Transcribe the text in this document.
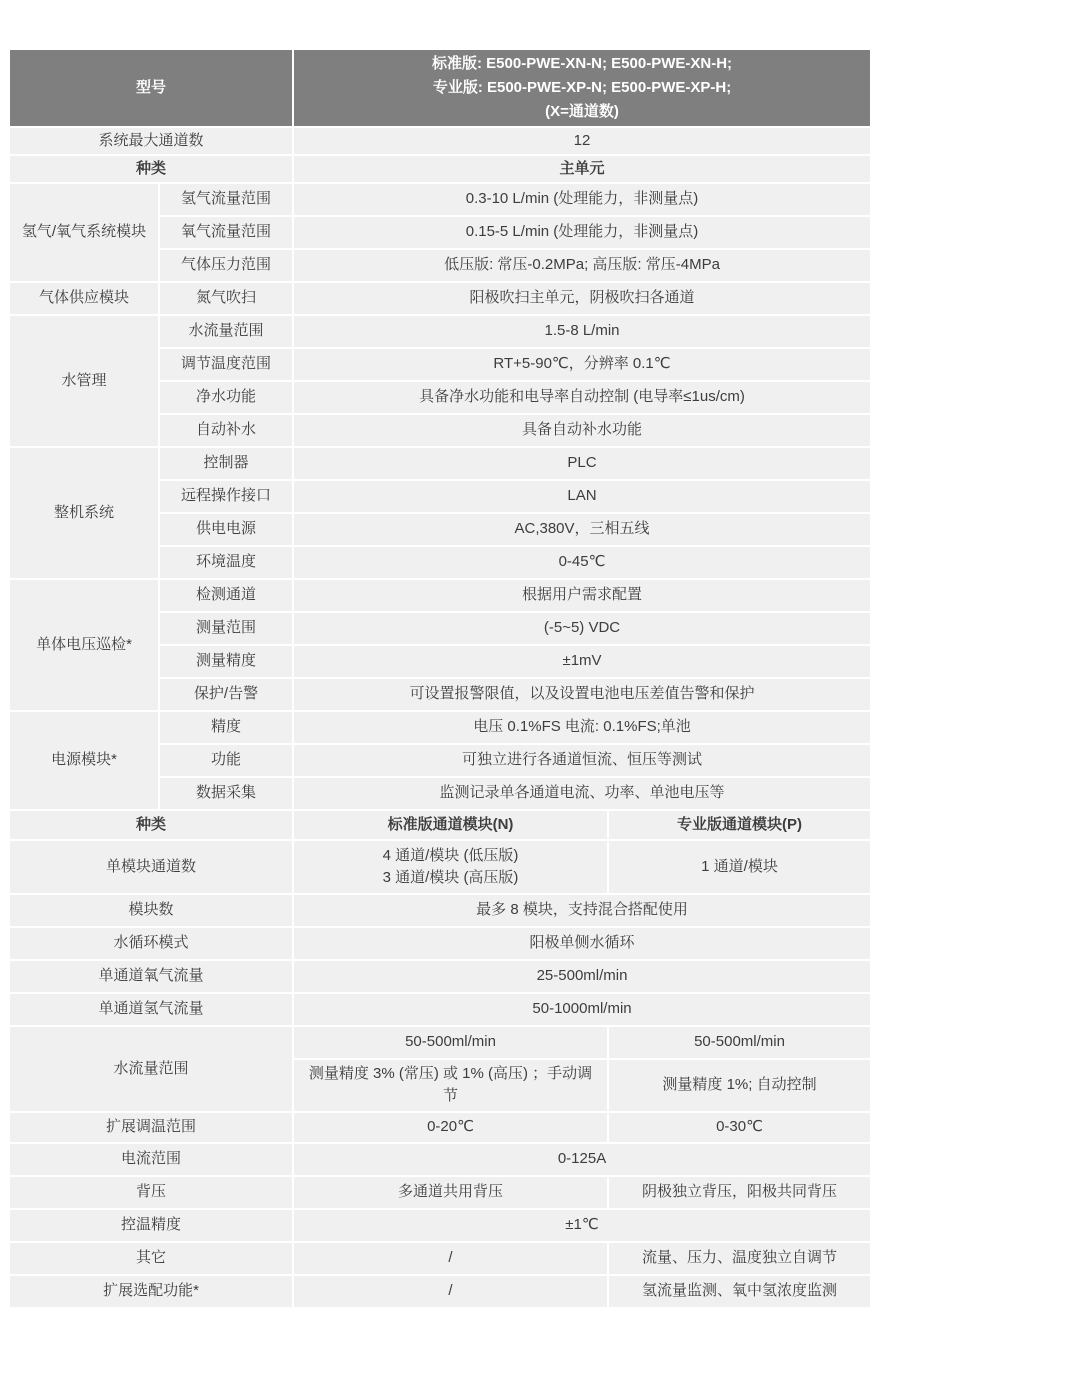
型号		标准版: E500-PWE-XN-N; E500-PWE-XN-H;
专业版: E500-PWE-XP-N; E500-PWE-XP-H;
(X=通道数)	

系统最大通道数		12	
种类		主单元	
氢气/氧气系统模块	氢气流量范围	0.3-10 L/min (处理能力，非测量点)	
	氧气流量范围	0.15-5 L/min (处理能力，非测量点)	
	气体压力范围	低压版: 常压-0.2MPa; 高压版: 常压-4MPa	
气体供应模块	氮气吹扫	阳极吹扫主单元，阴极吹扫各通道	
水管理	水流量范围	1.5-8 L/min	
	调节温度范围	RT+5-90℃，分辨率 0.1℃	
	净水功能	具备净水功能和电导率自动控制 (电导率≤1us/cm)	
	自动补水	具备自动补水功能	
整机系统	控制器	PLC	
	远程操作接口	LAN	
	供电电源	AC,380V，三相五线	
	环境温度	0-45℃	
单体电压巡检*	检测通道	根据用户需求配置	
	测量范围	(-5~5) VDC	
	测量精度	±1mV	
	保护/告警	可设置报警限值，以及设置电池电压差值告警和保护	
电源模块*	精度	电压 0.1%FS 电流: 0.1%FS;单池	
	功能	可独立进行各通道恒流、恒压等测试	
	数据采集	监测记录单各通道电流、功率、单池电压等	
种类		标准版通道模块(N)	专业版通道模块(P)
单模块通道数		4 通道/模块 (低压版)
3 通道/模块 (高压版)	1 通道/模块
模块数		最多 8 模块，支持混合搭配使用	
水循环模式		阳极单侧水循环	
单通道氧气流量		25-500ml/min	
单通道氢气流量		50-1000ml/min	
水流量范围		50-500ml/min	50-500ml/min
		测量精度 3% (常压) 或 1% (高压) ；手动调节	测量精度 1%; 自动控制
扩展调温范围		0-20℃	0-30℃
电流范围		0-125A	
背压		多通道共用背压	阴极独立背压，阳极共同背压
控温精度		±1℃	
其它		/	流量、压力、温度独立自调节
扩展选配功能*		/	氢流量监测、氧中氢浓度监测
